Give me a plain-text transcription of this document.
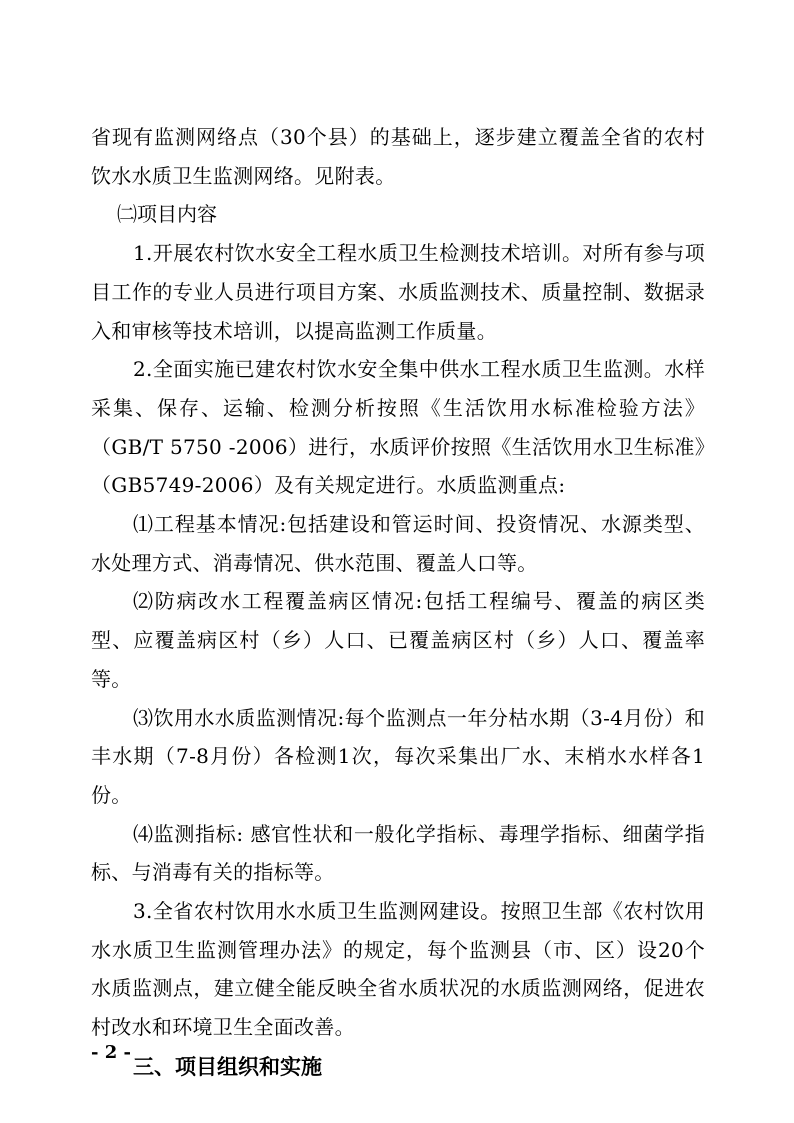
省现有监测网络点（30个县）的基础上，逐步建立覆盖全省的农村饮水水质卫生监测网络。见附表。

㈡项目内容

1.开展农村饮水安全工程水质卫生检测技术培训。对所有参与项目工作的专业人员进行项目方案、水质监测技术、质量控制、数据录入和审核等技术培训，以提高监测工作质量。

2.全面实施已建农村饮水安全集中供水工程水质卫生监测。水样采集、保存、运输、检测分析按照《生活饮用水标准检验方法》（GB/T 5750 -2006）进行，水质评价按照《生活饮用水卫生标准》（GB5749-2006）及有关规定进行。水质监测重点:

⑴工程基本情况:包括建设和管运时间、投资情况、水源类型、水处理方式、消毒情况、供水范围、覆盖人口等。

⑵防病改水工程覆盖病区情况:包括工程编号、覆盖的病区类型、应覆盖病区村（乡）人口、已覆盖病区村（乡）人口、覆盖率等。

⑶饮用水水质监测情况:每个监测点一年分枯水期（3-4月份）和丰水期（7-8月份）各检测1次，每次采集出厂水、末梢水水样各1份。

⑷监测指标: 感官性状和一般化学指标、毒理学指标、细菌学指标、与消毒有关的指标等。

3.全省农村饮用水水质卫生监测网建设。按照卫生部《农村饮用水水质卫生监测管理办法》的规定，每个监测县（市、区）设20个水质监测点，建立健全能反映全省水质状况的水质监测网络，促进农村改水和环境卫生全面改善。

三、项目组织和实施

- 2 -
